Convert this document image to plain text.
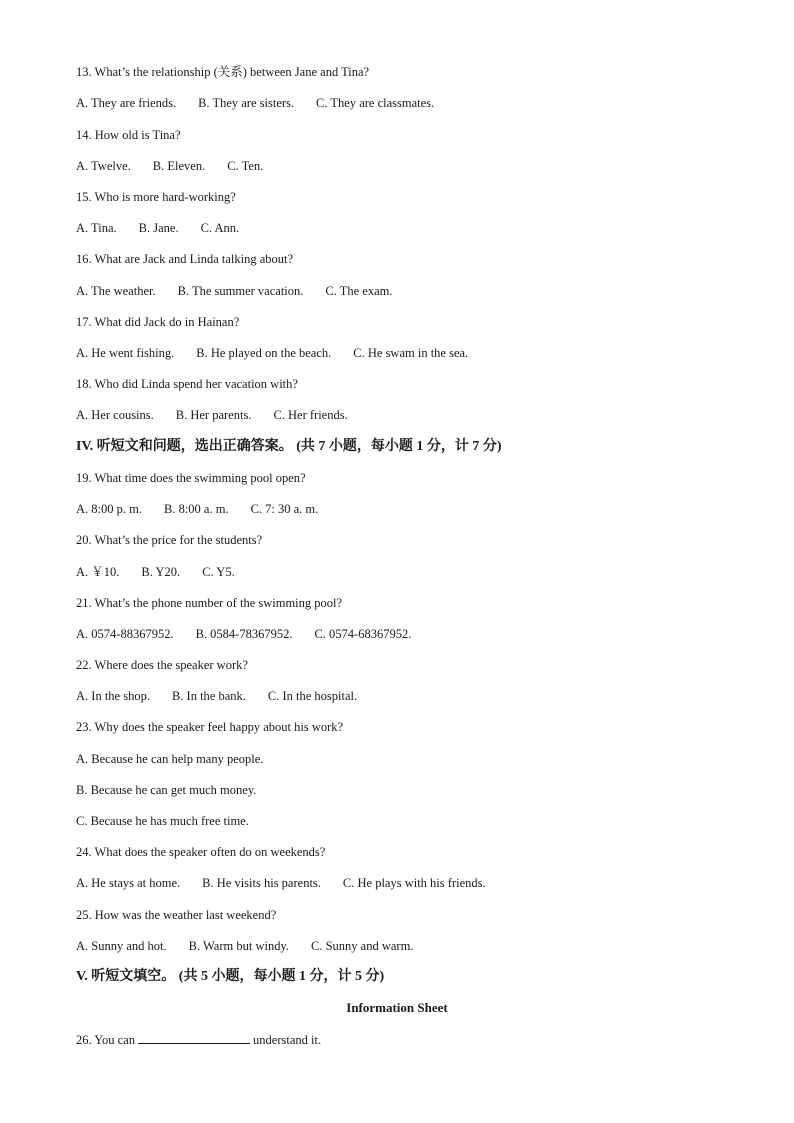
13. What’s the relationship (关系) between Jane and Tina?
A. They are friends. B. They are sisters. C. They are classmates.
14. How old is Tina?
A. Twelve. B. Eleven. C. Ten.
15. Who is more hard-working?
A. Tina. B. Jane. C. Ann.
16. What are Jack and Linda talking about?
A. The weather. B. The summer vacation. C. The exam.
17. What did Jack do in Hainan?
A. He went fishing. B. He played on the beach. C. He swam in the sea.
18. Who did Linda spend her vacation with?
A. Her cousins. B. Her parents. C. Her friends.
IV. 听短文和问题，选出正确答案。 (共 7 小题，每小题 1 分，计 7 分)
19. What time does the swimming pool open?
A. 8:00 p. m. B. 8:00 a. m. C. 7: 30 a. m.
20. What’s the price for the students?
A. ￥10. B. Y20. C. Y5.
21. What’s the phone number of the swimming pool?
A. 0574-88367952. B. 0584-78367952. C. 0574-68367952.
22. Where does the speaker work?
A. In the shop. B. In the bank. C. In the hospital.
23. Why does the speaker feel happy about his work?
A. Because he can help many people.
B. Because he can get much money.
C. Because he has much free time.
24. What does the speaker often do on weekends?
A. He stays at home. B. He visits his parents. C. He plays with his friends.
25. How was the weather last weekend?
A. Sunny and hot. B. Warm but windy. C. Sunny and warm.
V. 听短文填空。 (共 5 小题，每小题 1 分，计 5 分)
Information Sheet
26. You can	understand it.
